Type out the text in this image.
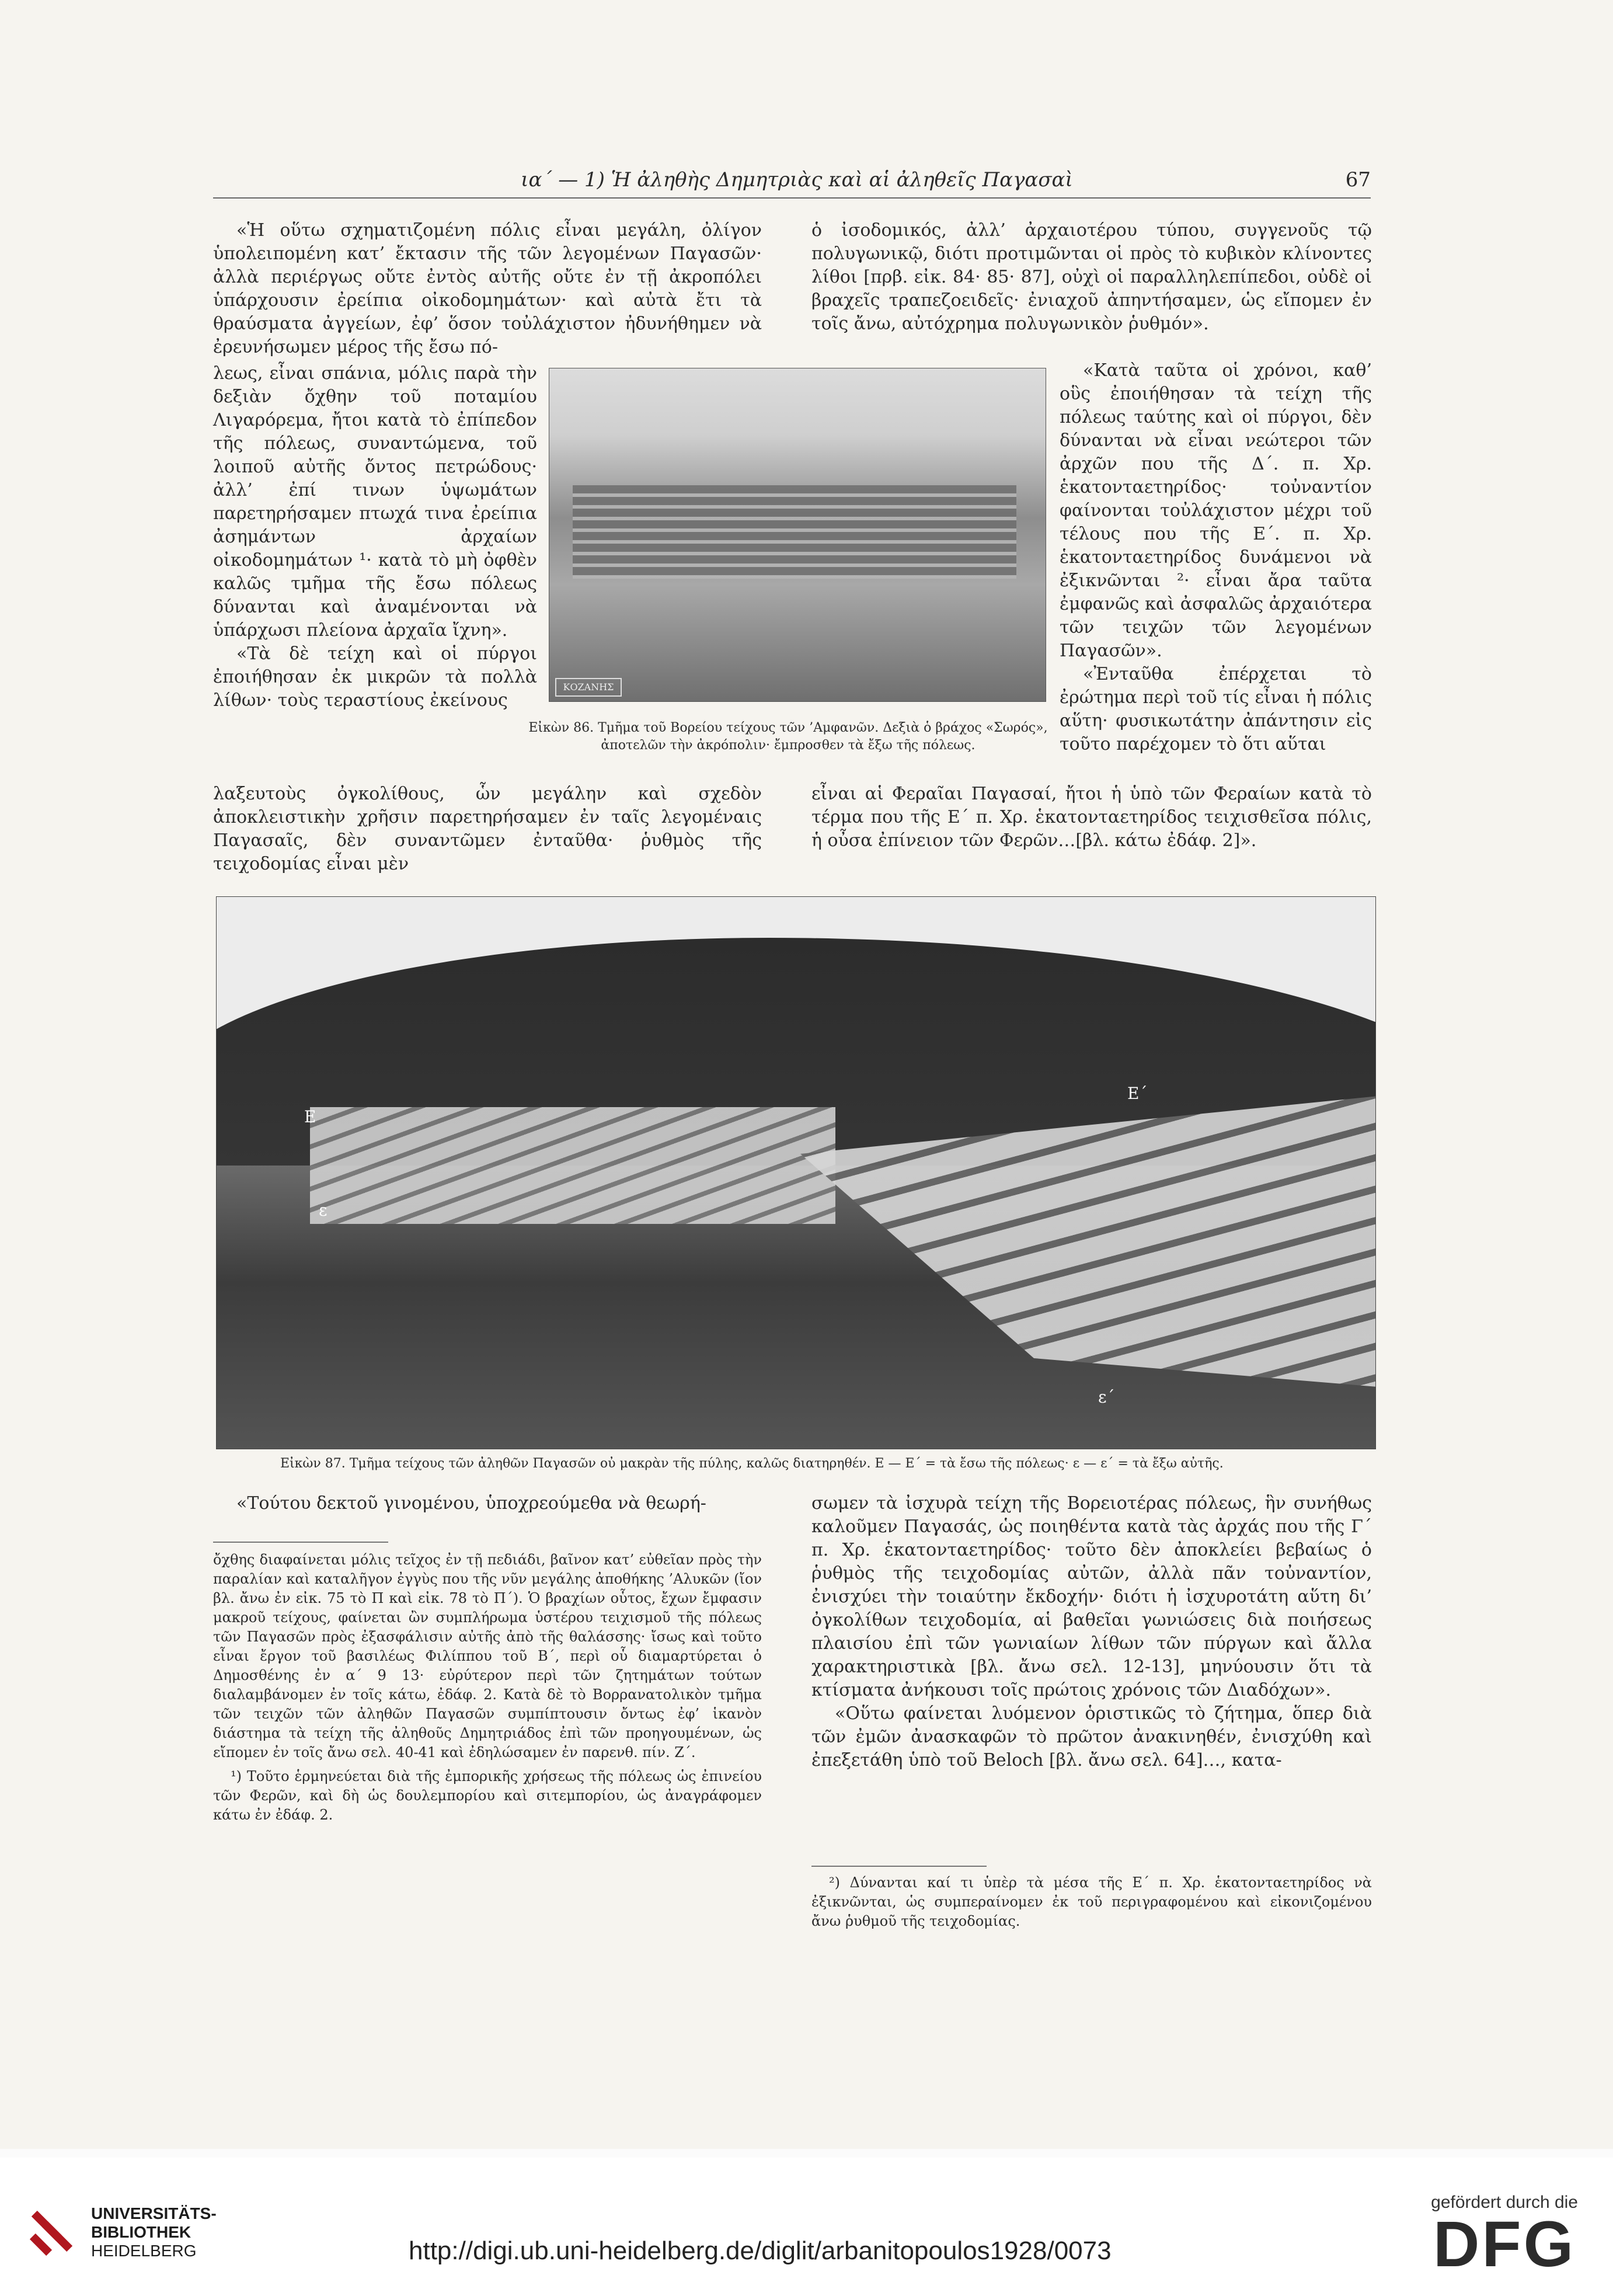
ια΄ — 1) Ἡ ἀληθὴς Δημητριὰς καὶ αἱ ἀληθεῖς Παγασαὶ	67

«Ἡ οὕτω σχηματιζομένη πόλις εἶναι μεγάλη, ὀλίγον ὑπολειπομένη κατ’ ἔκτασιν τῆς τῶν λεγομένων Παγασῶν· ἀλλὰ περιέργως οὔτε ἐντὸς αὐτῆς οὔτε ἐν τῇ ἀκροπόλει ὑπάρχουσιν ἐρείπια οἰκοδομημάτων· καὶ αὐτὰ ἔτι τὰ θραύσματα ἀγγείων, ἐφ’ ὅσον τοὐλάχιστον ἠδυνήθημεν νὰ ἐρευνήσωμεν μέρος τῆς ἔσω πό-

λεως, εἶναι σπάνια, μόλις παρὰ τὴν δεξιὰν ὄχθην τοῦ ποταμίου Λιγαρόρεμα, ἤτοι κατὰ τὸ ἐπίπεδον τῆς πόλεως, συναντώμενα, τοῦ λοιποῦ αὐτῆς ὄντος πετρώδους· ἀλλ’ ἐπί τινων ὑψωμάτων παρετηρήσαμεν πτωχά τινα ἐρείπια ἀσημάντων ἀρχαίων οἰκοδομημάτων ¹· κατὰ τὸ μὴ ὀφθὲν καλῶς τμῆμα τῆς ἔσω πόλεως δύνανται καὶ ἀναμένονται νὰ ὑπάρχωσι πλείονα ἀρχαῖα ἴχνη».

«Τὰ δὲ τείχη καὶ οἱ πύργοι ἐποιήθησαν ἐκ μικρῶν τὰ πολλὰ λίθων· τοὺς τεραστίους ἐκείνους

λαξευτοὺς ὀγκολίθους, ὧν μεγάλην καὶ σχεδὸν ἀποκλειστικὴν χρῆσιν παρετηρήσαμεν ἐν ταῖς λεγομέναις Παγασαῖς, δὲν συναντῶμεν ἐνταῦθα· ῥυθμὸς τῆς τειχοδομίας εἶναι μὲν

ὁ ἰσοδομικός, ἀλλ’ ἀρχαιοτέρου τύπου, συγγενοῦς τῷ πολυγωνικῷ, διότι προτιμῶνται οἱ πρὸς τὸ κυβικὸν κλίνοντες λίθοι [πρβ. εἰκ. 84· 85· 87], οὐχὶ οἱ παραλληλεπίπεδοι, οὐδὲ οἱ βραχεῖς τραπεζοειδεῖς· ἐνιαχοῦ ἀπηντήσαμεν, ὡς εἴπομεν ἐν τοῖς ἄνω, αὐτόχρημα πολυγωνικὸν ῥυθμόν».

«Κατὰ ταῦτα οἱ χρόνοι, καθ’ οὓς ἐποιήθησαν τὰ τείχη τῆς πόλεως ταύτης καὶ οἱ πύργοι, δὲν δύνανται νὰ εἶναι νεώτεροι τῶν ἀρχῶν που τῆς Δ΄. π. Χρ. ἑκατονταετηρίδος· τοὐναντίον φαίνονται τοὐλάχιστον μέχρι τοῦ τέλους που τῆς Ε΄. π. Χρ. ἑκατονταετηρίδος δυνάμενοι νὰ ἐξικνῶνται ²· εἶναι ἄρα ταῦτα ἐμφανῶς καὶ ἀσφαλῶς ἀρχαιότερα τῶν τειχῶν τῶν λεγομένων Παγασῶν».

«Ἐνταῦθα ἐπέρχεται τὸ ἐρώτημα περὶ τοῦ τίς εἶναι ἡ πόλις αὕτη· φυσικωτάτην ἀπάντησιν εἰς τοῦτο παρέχομεν τὸ ὅτι αὕται

εἶναι αἱ Φεραῖαι Παγασαί, ἤτοι ἡ ὑπὸ τῶν Φεραίων κατὰ τὸ τέρμα που τῆς Ε΄ π. Χρ. ἑκατονταετηρίδος τειχισθεῖσα πόλις, ἡ οὖσα ἐπίνειον τῶν Φερῶν…[βλ. κάτω ἐδάφ. 2]».

ΚΟΖΑΝΗΣ
Εἰκὼν 86. Τμῆμα τοῦ Βορείου τείχους τῶν ’Αμφανῶν. Δεξιὰ ὁ βράχος «Σωρός», ἀποτελῶν τὴν ἀκρόπολιν· ἔμπροσθεν τὰ ἔξω τῆς πόλεως.
Ε
Ε΄
ε
ε΄
Εἰκὼν 87. Τμῆμα τείχους τῶν ἀληθῶν Παγασῶν οὐ μακρὰν τῆς πύλης, καλῶς διατηρηθέν. Ε — Ε΄ = τὰ ἔσω τῆς πόλεως· ε — ε΄ = τὰ ἔξω αὐτῆς.

«Τούτου δεκτοῦ γινομένου, ὑποχρεούμεθα νὰ θεωρή-

ὄχθης διαφαίνεται μόλις τεῖχος ἐν τῇ πεδιάδι, βαῖνον κατ’ εὐθεῖαν πρὸς τὴν παραλίαν καὶ καταλῆγον ἐγγὺς που τῆς νῦν μεγάλης ἀποθήκης ’Αλυκῶν (ἴον βλ. ἄνω ἐν εἰκ. 75 τὸ Π καὶ εἰκ. 78 τὸ Π΄). Ὁ βραχίων οὗτος, ἔχων ἔμφασιν μακροῦ τείχους, φαίνεται ὢν συμπλήρωμα ὑστέρου τειχισμοῦ τῆς πόλεως τῶν Παγασῶν πρὸς ἐξασφάλισιν αὐτῆς ἀπὸ τῆς θαλάσσης· ἴσως καὶ τοῦτο εἶναι ἔργον τοῦ βασιλέως Φιλίππου τοῦ Β΄, περὶ οὗ διαμαρτύρεται ὁ Δημοσθένης ἐν α΄ 9 13· εὐρύτερον περὶ τῶν ζητημάτων τούτων διαλαμβάνομεν ἐν τοῖς κάτω, ἐδάφ. 2. Κατὰ δὲ τὸ Βορρανατολικὸν τμῆμα τῶν τειχῶν τῶν ἀληθῶν Παγασῶν συμπίπτουσιν ὄντως ἐφ’ ἱκανὸν διάστημα τὰ τείχη τῆς ἀληθοῦς Δημητριάδος ἐπὶ τῶν προηγουμένων, ὡς εἴπομεν ἐν τοῖς ἄνω σελ. 40-41 καὶ ἐδηλώσαμεν ἐν παρενθ. πίν. Ζ΄.

¹) Τοῦτο ἑρμηνεύεται διὰ τῆς ἐμπορικῆς χρήσεως τῆς πόλεως ὡς ἐπινείου τῶν Φερῶν, καὶ δὴ ὡς δουλεμπορίου καὶ σιτεμπορίου, ὡς ἀναγράφομεν κάτω ἐν ἐδάφ. 2.

σωμεν τὰ ἰσχυρὰ τείχη τῆς Βορειοτέρας πόλεως, ἣν συνήθως καλοῦμεν Παγασάς, ὡς ποιηθέντα κατὰ τὰς ἀρχάς που τῆς Γ΄ π. Χρ. ἑκατονταετηρίδος· τοῦτο δὲν ἀποκλείει βεβαίως ὁ ῥυθμὸς τῆς τειχοδομίας αὐτῶν, ἀλλὰ πᾶν τοὐναντίον, ἐνισχύει τὴν τοιαύτην ἔκδοχήν· διότι ἡ ἰσχυροτάτη αὕτη δι’ ὀγκολίθων τειχοδομία, αἱ βαθεῖαι γωνιώσεις διὰ ποιήσεως πλαισίου ἐπὶ τῶν γωνιαίων λίθων τῶν πύργων καὶ ἄλλα χαρακτηριστικὰ [βλ. ἄνω σελ. 12-13], μηνύουσιν ὅτι τὰ κτίσματα ἀνήκουσι τοῖς πρώτοις χρόνοις τῶν Διαδόχων».

«Οὕτω φαίνεται λυόμενον ὁριστικῶς τὸ ζήτημα, ὅπερ διὰ τῶν ἐμῶν ἀνασκαφῶν τὸ πρῶτον ἀνακινηθέν, ἐνισχύθη καὶ ἐπεξετάθη ὑπὸ τοῦ Beloch [βλ. ἄνω σελ. 64]…, κατα-

²) Δύνανται καί τι ὑπὲρ τὰ μέσα τῆς Ε΄ π. Χρ. ἑκατονταετηρίδος νὰ ἐξικνῶνται, ὡς συμπεραίνομεν ἐκ τοῦ περιγραφομένου καὶ εἰκονιζομένου ἄνω ῥυθμοῦ τῆς τειχοδομίας.

UNIVERSITÄTS-
BIBLIOTHEK
HEIDELBERG	http://digi.ub.uni-heidelberg.de/diglit/arbanitopoulos1928/0073
gefördert durch die
DFG
